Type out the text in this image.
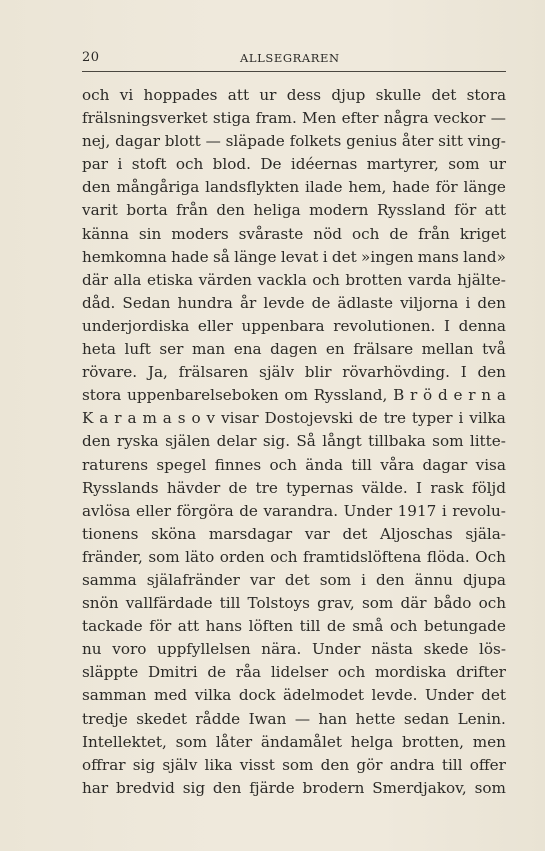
20	ALLSEGRAREN
och vi hoppades att ur dess djup skulle det stora
frälsningsverket stiga fram. Men efter några veckor —
nej, dagar blott — släpade folkets genius åter sitt ving-
par i stoft och blod. De idéernas martyrer, som ur
den mångåriga landsflykten ilade hem, hade för länge
varit borta från den heliga modern Ryssland för att
känna sin moders svåraste nöd och de från kriget
hemkomna hade så länge levat i det »ingen mans land»
där alla etiska värden vackla och brotten varda hjälte-
dåd. Sedan hundra år levde de ädlaste viljorna i den
underjordiska eller uppenbara revolutionen. I denna
heta luft ser man ena dagen en frälsare mellan två
rövare. Ja, frälsaren själv blir rövarhövding. I den
stora uppenbarelseboken om Ryssland, B r ö d e r n a
K a r a m a s o v visar Dostojevski de tre typer i vilka
den ryska själen delar sig. Så långt tillbaka som litte-
raturens spegel finnes och ända till våra dagar visa
Rysslands hävder de tre typernas välde. I rask följd
avlösa eller förgöra de varandra. Under 1917 i revolu-
tionens sköna marsdagar var det Aljoschas själa-
fränder, som läto orden och framtidslöftena flöda. Och
samma själafränder var det som i den ännu djupa
snön vallfärdade till Tolstoys grav, som där bådo och
tackade för att hans löften till de små och betungade
nu voro uppfyllelsen nära. Under nästa skede lös-
släppte Dmitri de råa lidelser och mordiska drifter
samman med vilka dock ädelmodet levde. Under det
tredje skedet rådde Iwan — han hette sedan Lenin.
Intellektet, som låter ändamålet helga brotten, men
offrar sig själv lika visst som den gör andra till offer
har bredvid sig den fjärde brodern Smerdjakov, som
